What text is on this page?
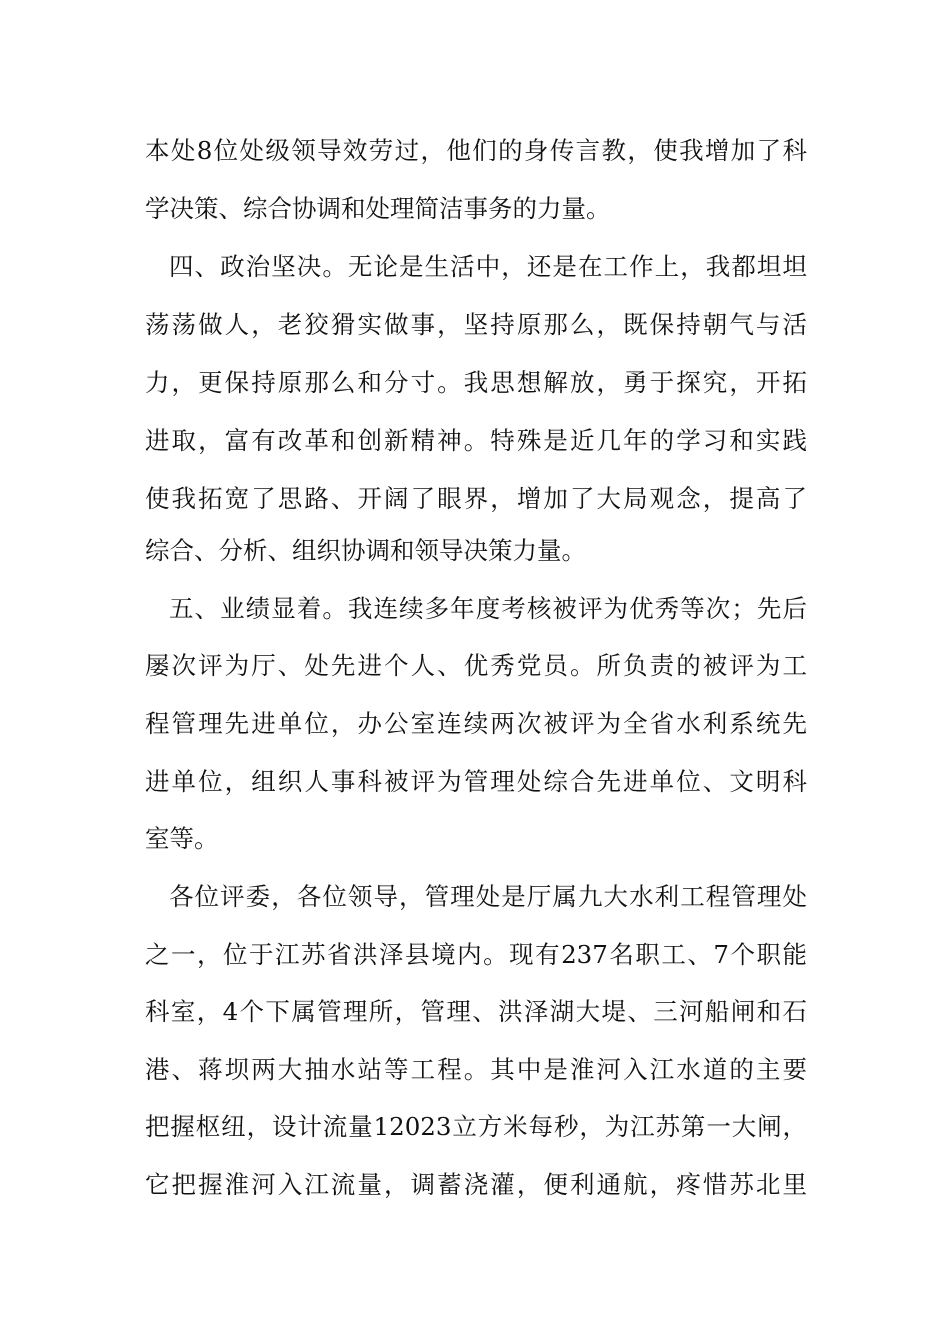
本处8位处级领导效劳过，他们的身传言教，使我增加了科
学决策、综合协调和处理简洁事务的力量。
四、政治坚决。无论是生活中，还是在工作上，我都坦坦
荡荡做人，老狡猾实做事，坚持原那么，既保持朝气与活
力，更保持原那么和分寸。我思想解放，勇于探究，开拓
进取，富有改革和创新精神。特殊是近几年的学习和实践
使我拓宽了思路、开阔了眼界，增加了大局观念，提高了
综合、分析、组织协调和领导决策力量。
五、业绩显着。我连续多年度考核被评为优秀等次；先后
屡次评为厅、处先进个人、优秀党员。所负责的被评为工
程管理先进单位，办公室连续两次被评为全省水利系统先
进单位，组织人事科被评为管理处综合先进单位、文明科
室等。
各位评委，各位领导，管理处是厅属九大水利工程管理处
之一，位于江苏省洪泽县境内。现有237名职工、7个职能
科室，4个下属管理所，管理、洪泽湖大堤、三河船闸和石
港、蒋坝两大抽水站等工程。其中是淮河入江水道的主要
把握枢纽，设计流量12023立方米每秒，为江苏第一大闸，
它把握淮河入江流量，调蓄浇灌，便利通航，疼惜苏北里
